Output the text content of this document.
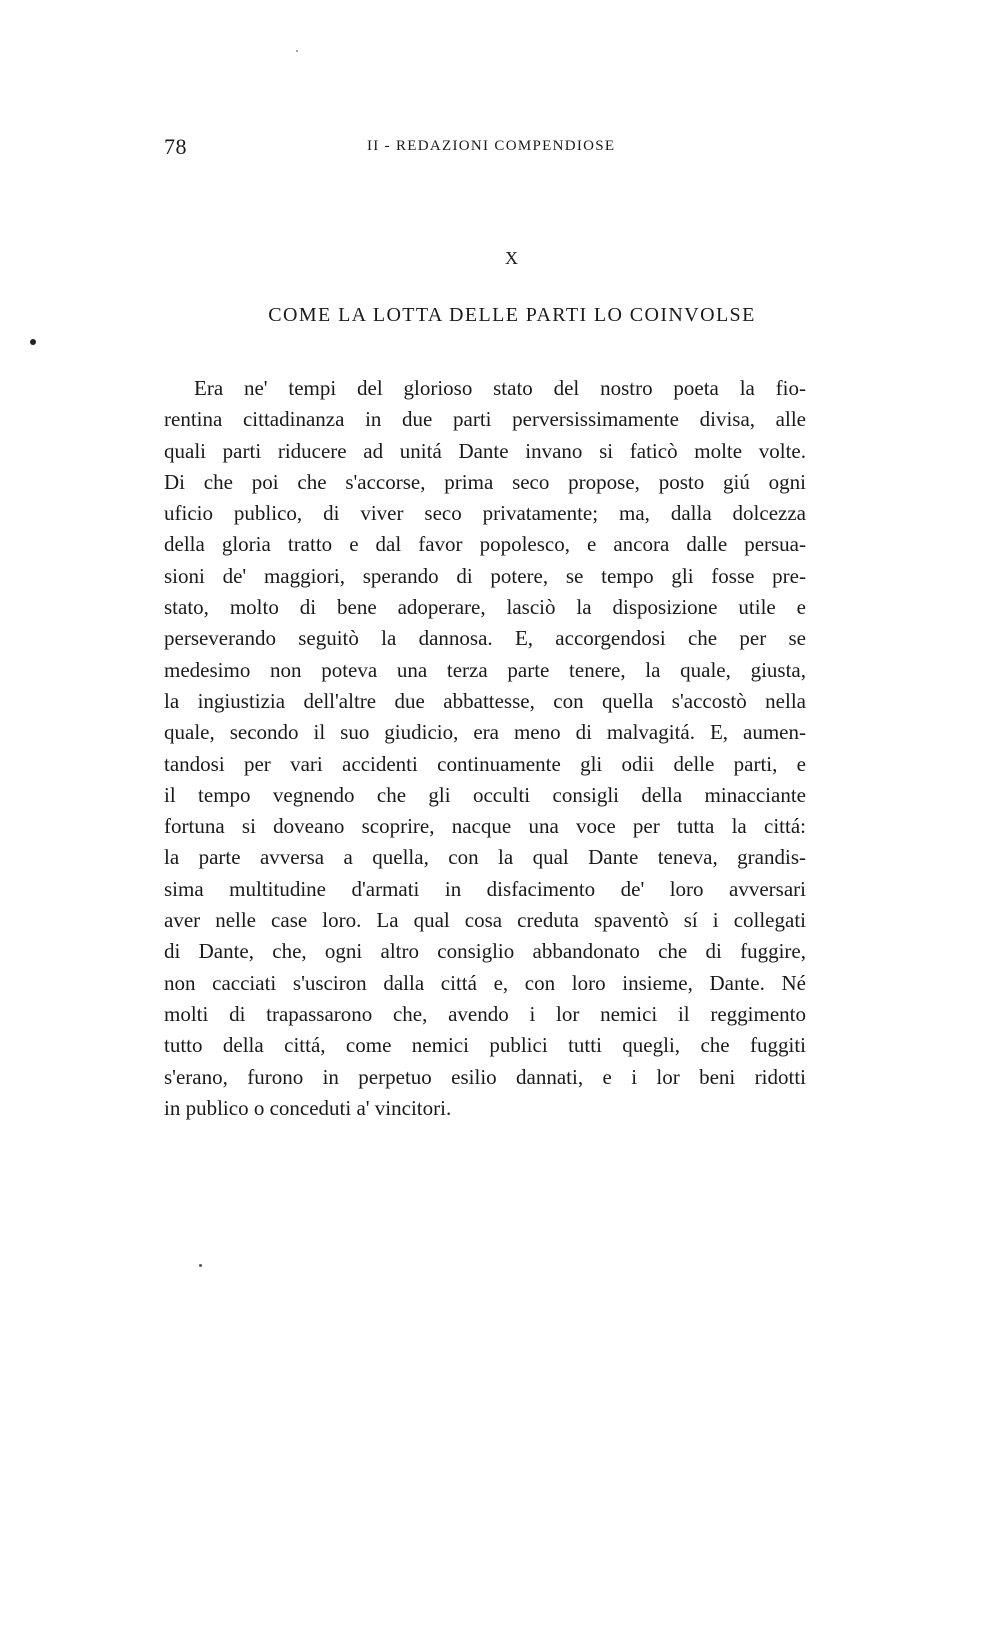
78	II - REDAZIONI COMPENDIOSE
X
COME LA LOTTA DELLE PARTI LO COINVOLSE
Era ne' tempi del glorioso stato del nostro poeta la fio-
rentina cittadinanza in due parti perversissimamente divisa, alle
quali parti riducere ad unitá Dante invano si faticò molte volte.
Di che poi che s'accorse, prima seco propose, posto giú ogni
uficio publico, di viver seco privatamente; ma, dalla dolcezza
della gloria tratto e dal favor popolesco, e ancora dalle persua-
sioni de' maggiori, sperando di potere, se tempo gli fosse pre-
stato, molto di bene adoperare, lasciò la disposizione utile e
perseverando seguitò la dannosa. E, accorgendosi che per se
medesimo non poteva una terza parte tenere, la quale, giusta,
la ingiustizia dell'altre due abbattesse, con quella s'accostò nella
quale, secondo il suo giudicio, era meno di malvagitá. E, aumen-
tandosi per vari accidenti continuamente gli odii delle parti, e
il tempo vegnendo che gli occulti consigli della minacciante
fortuna si doveano scoprire, nacque una voce per tutta la cittá:
la parte avversa a quella, con la qual Dante teneva, grandis-
sima multitudine d'armati in disfacimento de' loro avversari
aver nelle case loro. La qual cosa creduta spaventò sí i collegati
di Dante, che, ogni altro consiglio abbandonato che di fuggire,
non cacciati s'usciron dalla cittá e, con loro insieme, Dante. Né
molti di trapassarono che, avendo i lor nemici il reggimento
tutto della cittá, come nemici publici tutti quegli, che fuggiti
s'erano, furono in perpetuo esilio dannati, e i lor beni ridotti
in publico o conceduti a' vincitori.
